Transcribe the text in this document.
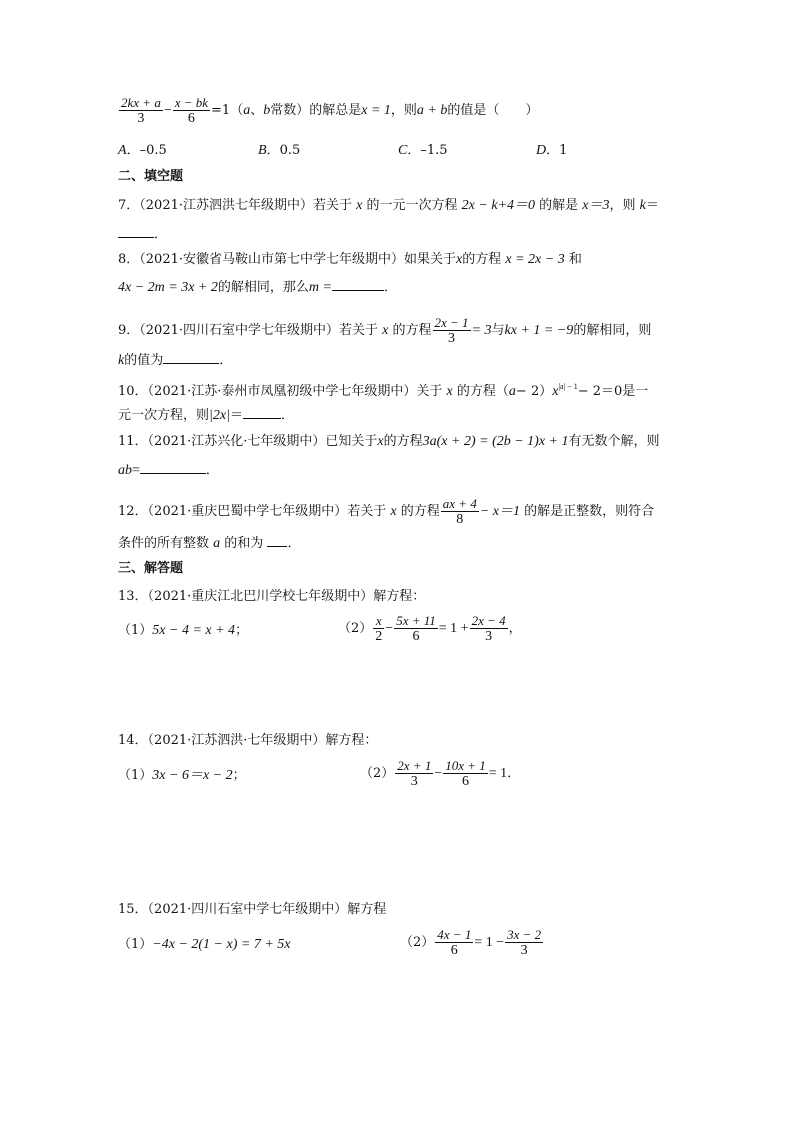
$\frac{2kx + a}{3} - \frac{x - bk}{6} =1(a$、b常数）的解总是x = 1，则a + b的值是（　　）
A．–0.5	B．0.5	C．–1.5	D．1
二、填空题
7．（2021·江苏泗洪七年级期中）若关于 x 的一元一次方程 2x − k+4＝0 的解是 x＝3，则 k＝
．
8．（2021·安徽省马鞍山市第七中学七年级期中）如果关于x的方程 x = 2x − 3 和
4x − 2m = 3x + 2的解相同，那么m =	．
9．（2021·四川石室中学七年级期中）若关于 x 的方程 $\frac{2x - 1}{3} = 3$与kx + 1 = −9的解相同，则
k的值为	．
10．（2021·江苏·泰州市凤凰初级中学七年级期中）关于 x 的方程$(a- 2)x^{|a| - 1}- 2=0$是一
元一次方程，则|2x|＝	．
11．（2021·江苏兴化·七年级期中）已知关于x的方程3a(x + 2) = (2b − 1)x + 1有无数个解，则
ab=	．
12．（2021·重庆巴蜀中学七年级期中）若关于 x 的方程 $\frac{ax + 4}{8} - x=1$ 的解是正整数，则符合
条件的所有整数 a 的和为 ．
三、解答题
13．（2021·重庆江北巴川学校七年级期中）解方程：
（1）5x − 4 = x + 4；	$(2) \frac{x}{2} - \frac{5x + 11}{6} = 1 + \frac{2x - 4}{3}$ ，
14．（2021·江苏泗洪·七年级期中）解方程：
（1）3x − 6＝x − 2；	$(2) \frac{2x + 1}{3} - \frac{10x + 1}{6} = 1$．
15．（2021·四川石室中学七年级期中）解方程
（1）−4x − 2(1 − x) = 7 + 5x	$(2) \frac{4x - 1}{6} = 1 - \frac{3x - 2}{3}$
